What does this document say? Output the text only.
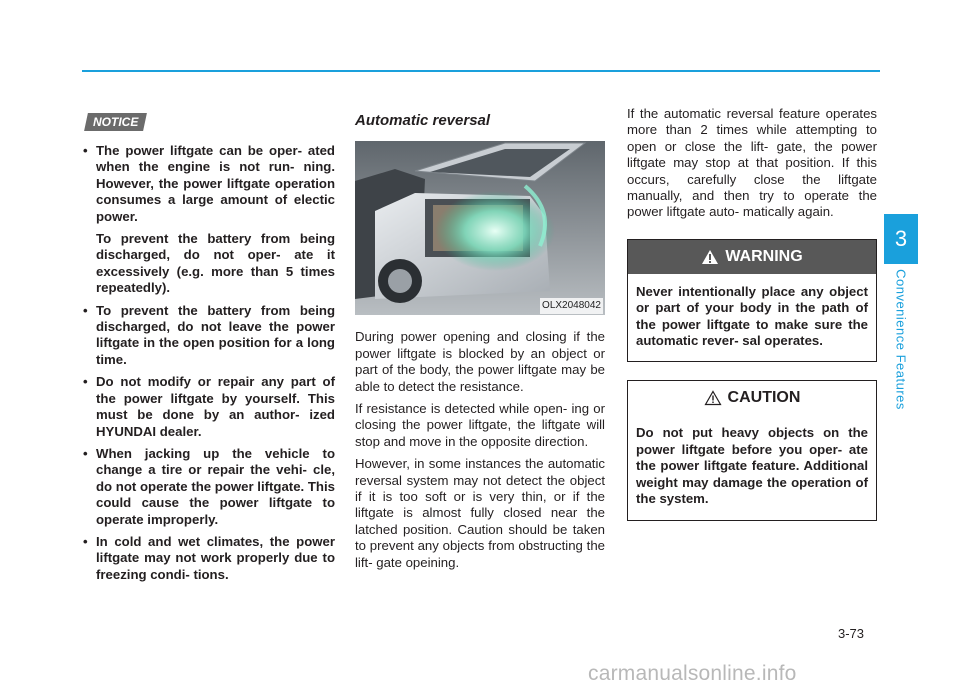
3
Convenience Features
NOTICE

• The power liftgate can be oper- ated when the engine is not run- ning. However, the power liftgate operation consumes a large amount of electic power.

To prevent the battery from being discharged, do not oper- ate it excessively (e.g. more than 5 times repeatedly).

• To prevent the battery from being discharged, do not leave the power liftgate in the open position for a long time.

• Do not modify or repair any part of the power liftgate by yourself. This must be done by an author- ized HYUNDAI dealer.

• When jacking up the vehicle to change a tire or repair the vehi- cle, do not operate the power liftgate. This could cause the power liftgate to operate improperly.

• In cold and wet climates, the power liftgate may not work properly due to freezing condi- tions.

Automatic reversal
OLX2048042

During power opening and closing if the power liftgate is blocked by an object or part of the body, the power liftgate may be able to detect the resistance.

If resistance is detected while open- ing or closing the power liftgate, the liftgate will stop and move in the opposite direction.

However, in some instances the automatic reversal system may not detect the object if it is too soft or is very thin, or if the liftgate is almost fully closed near the latched position. Caution should be taken to prevent any objects from obstructing the lift- gate opeining.

If the automatic reversal feature operates more than 2 times while attempting to open or close the lift- gate, the power liftgate may stop at that position. If this occurs, carefully close the liftgate manually, and then try to operate the power liftgate auto- matically again.

WARNING
Never intentionally place any object or part of your body in the path of the power liftgate to make sure the automatic rever- sal operates.
CAUTION
Do not put heavy objects on the power liftgate before you oper- ate the power liftgate feature. Additional weight may damage the operation of the system.
3-73
carmanualsonline.info
